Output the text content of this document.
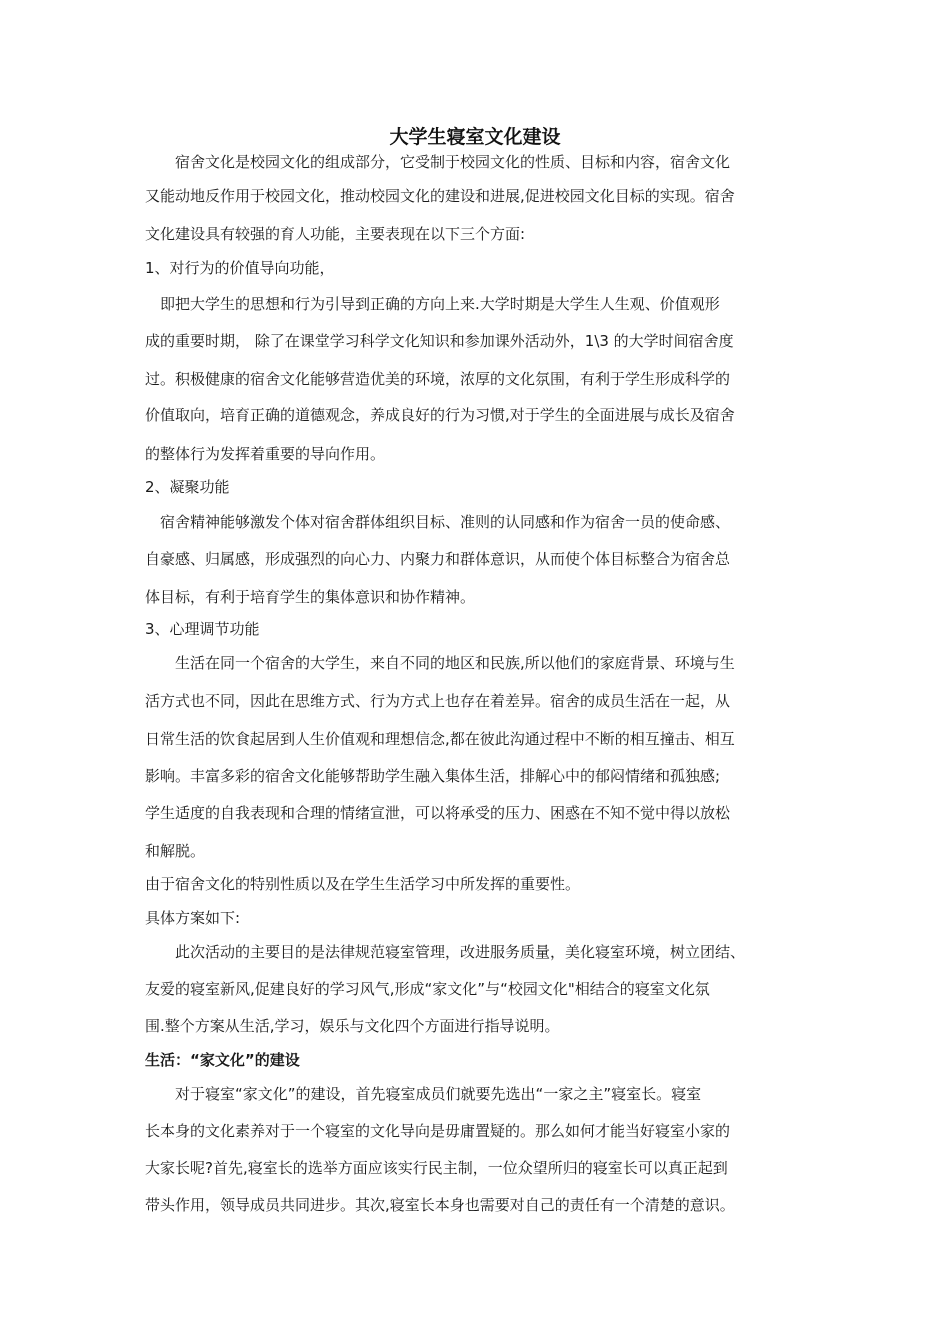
大学生寝室文化建设
　　宿舍文化是校园文化的组成部分，它受制于校园文化的性质、目标和内容，宿舍文化
又能动地反作用于校园文化，推动校园文化的建设和进展,促进校园文化目标的实现。宿舍
文化建设具有较强的育人功能，主要表现在以下三个方面:
1、对行为的价值导向功能，
　即把大学生的思想和行为引导到正确的方向上来.大学时期是大学生人生观、价值观形
成的重要时期， 除了在课堂学习科学文化知识和参加课外活动外，1\3 的大学时间宿舍度
过。积极健康的宿舍文化能够营造优美的环境，浓厚的文化氛围，有利于学生形成科学的
价值取向，培育正确的道德观念，养成良好的行为习惯,对于学生的全面进展与成长及宿舍
的整体行为发挥着重要的导向作用。
2、凝聚功能
　宿舍精神能够激发个体对宿舍群体组织目标、准则的认同感和作为宿舍一员的使命感、
自豪感、归属感，形成强烈的向心力、内聚力和群体意识，从而使个体目标整合为宿舍总
体目标，有利于培育学生的集体意识和协作精神。
3、心理调节功能
　　生活在同一个宿舍的大学生，来自不同的地区和民族,所以他们的家庭背景、环境与生
活方式也不同，因此在思维方式、行为方式上也存在着差异。宿舍的成员生活在一起，从
日常生活的饮食起居到人生价值观和理想信念,都在彼此沟通过程中不断的相互撞击、相互
影响。丰富多彩的宿舍文化能够帮助学生融入集体生活，排解心中的郁闷情绪和孤独感;
学生适度的自我表现和合理的情绪宣泄，可以将承受的压力、困惑在不知不觉中得以放松
和解脱。
由于宿舍文化的特别性质以及在学生生活学习中所发挥的重要性。
具体方案如下:
　　此次活动的主要目的是法律规范寝室管理，改进服务质量，美化寝室环境，树立团结、
友爱的寝室新风,促建良好的学习风气,形成“家文化”与“校园文化"相结合的寝室文化氛
围.整个方案从生活,学习，娱乐与文化四个方面进行指导说明。
生活：“家文化”的建设
　　对于寝室“家文化”的建设，首先寝室成员们就要先选出“一家之主”寝室长。寝室
长本身的文化素养对于一个寝室的文化导向是毋庸置疑的。那么如何才能当好寝室小家的
大家长呢?首先,寝室长的选举方面应该实行民主制，一位众望所归的寝室长可以真正起到
带头作用，领导成员共同进步。其次,寝室长本身也需要对自己的责任有一个清楚的意识。
